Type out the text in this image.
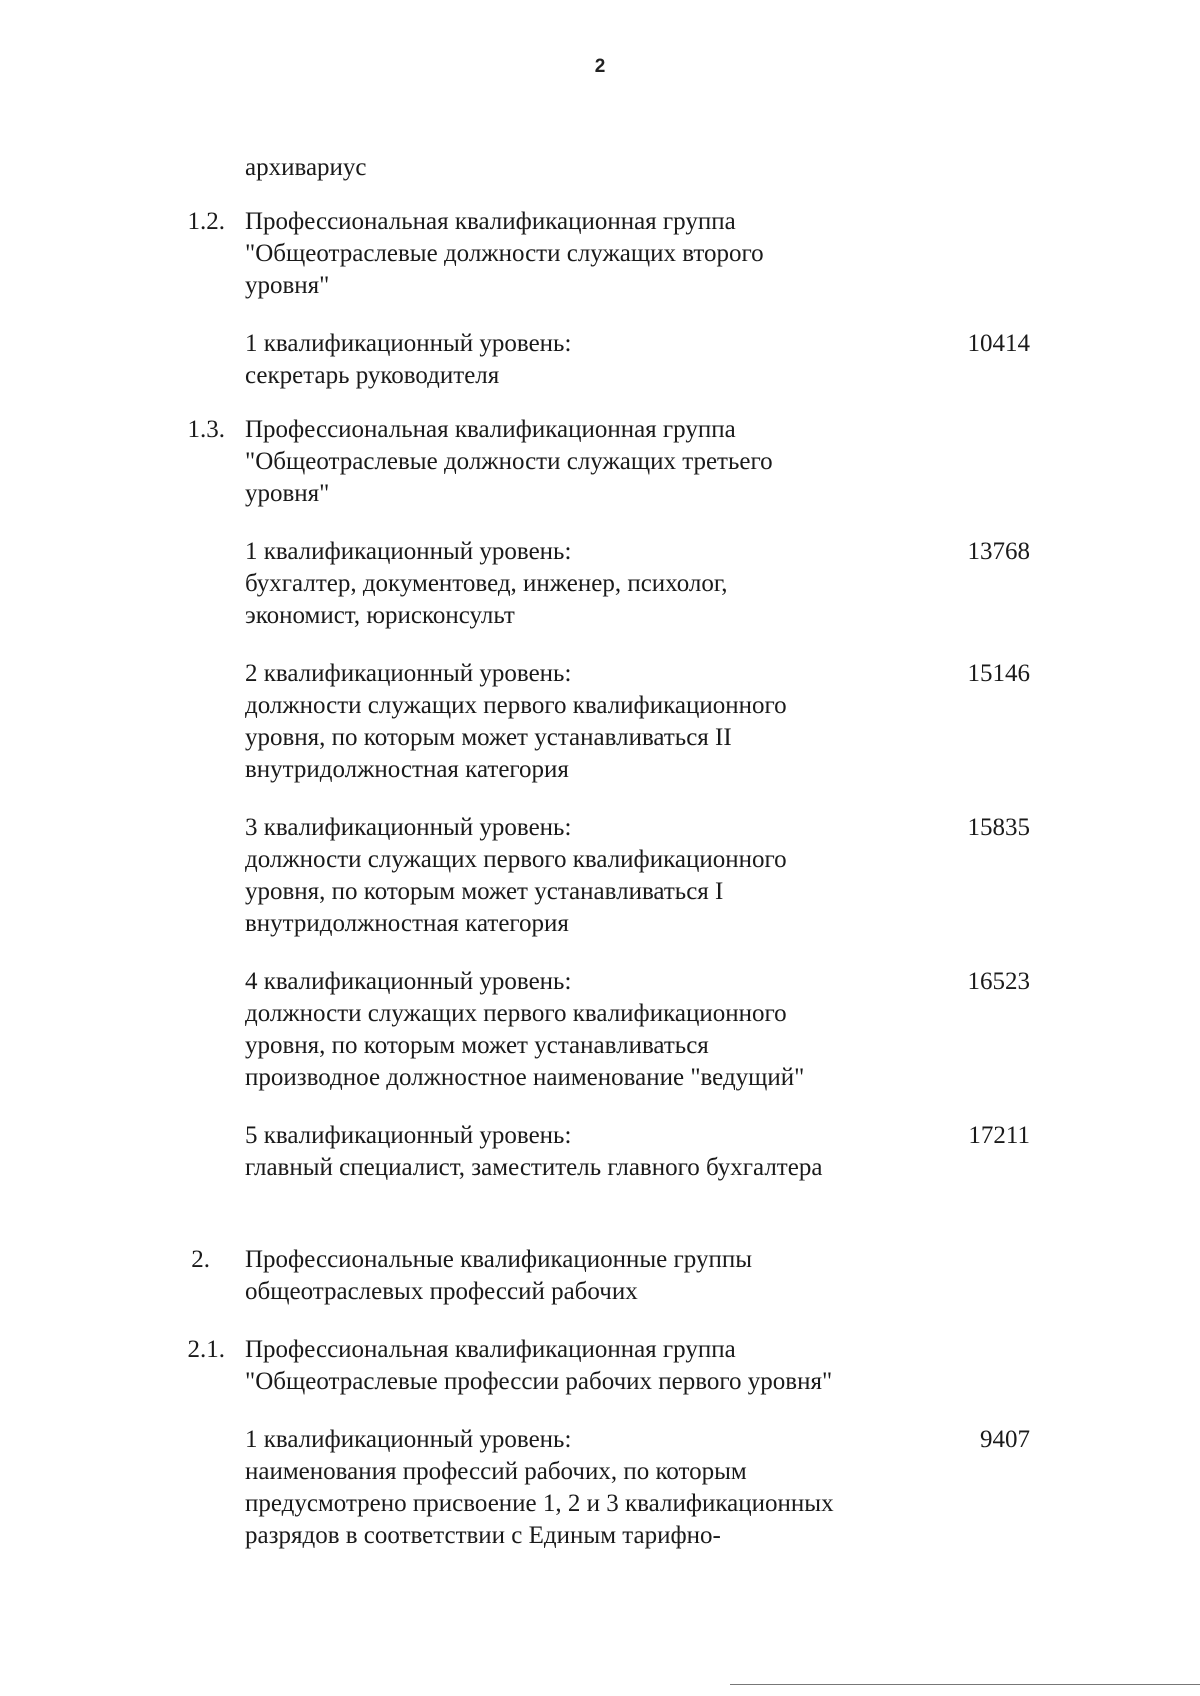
2
архивариус
1.2. Профессиональная квалификационная группа
"Общеотраслевые должности служащих второго
уровня"
1 квалификационный уровень:
секретарь руководителя
10414
1.3. Профессиональная квалификационная группа
"Общеотраслевые должности служащих третьего
уровня"
1 квалификационный уровень:
бухгалтер, документовед, инженер, психолог,
экономист, юрисконсульт
13768
2 квалификационный уровень:
должности служащих первого квалификационного
уровня, по которым может устанавливаться II
внутридолжностная категория
15146
3 квалификационный уровень:
должности служащих первого квалификационного
уровня, по которым может устанавливаться I
внутридолжностная категория
15835
4 квалификационный уровень:
должности служащих первого квалификационного
уровня, по которым может устанавливаться
производное должностное наименование "ведущий"
16523
5 квалификационный уровень:
главный специалист, заместитель главного бухгалтера
17211
2. Профессиональные квалификационные группы
общеотраслевых профессий рабочих
2.1. Профессиональная квалификационная группа
"Общеотраслевые профессии рабочих первого уровня"
1 квалификационный уровень:
наименования профессий рабочих, по которым
предусмотрено присвоение 1, 2 и 3 квалификационных
разрядов в соответствии с Единым тарифно-
9407
